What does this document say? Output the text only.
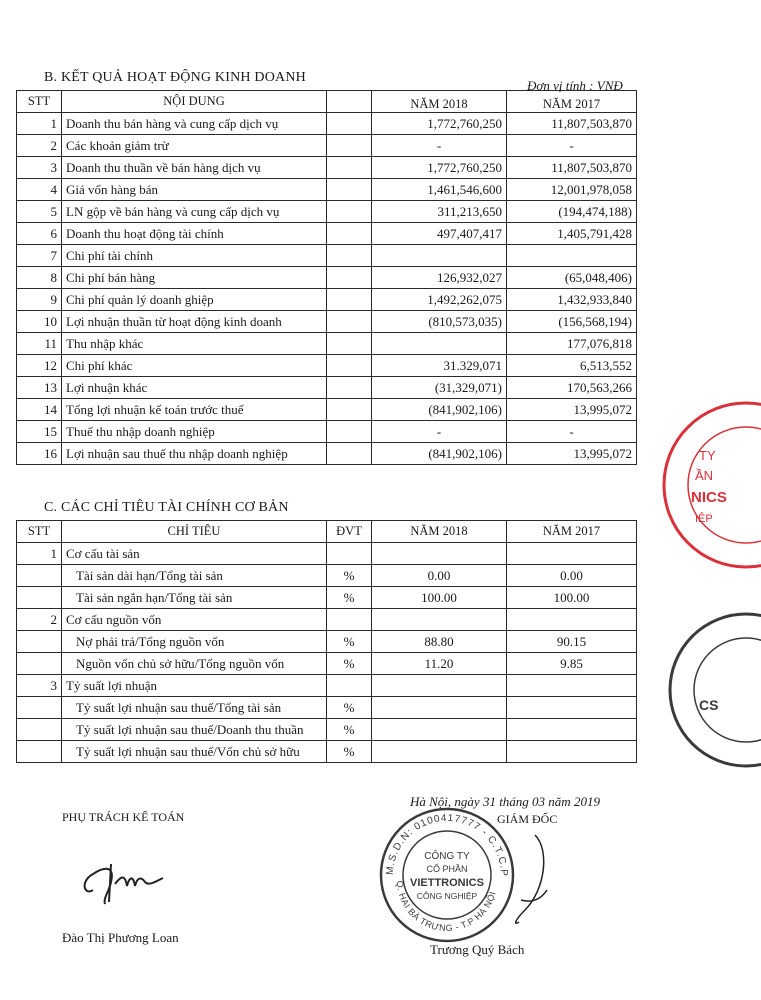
B. KẾT QUẢ HOẠT ĐỘNG KINH DOANH
Đơn vị tính : VNĐ
STT	NỘI DUNG		NĂM 2018	NĂM 2017
1	Doanh thu bán hàng và cung cấp dịch vụ		1,772,760,250	11,807,503,870
2	Các khoản giảm trừ		-	-
3	Doanh thu thuần về bán hàng dịch vụ		1,772,760,250	11,807,503,870
4	Giá vốn hàng bán		1,461,546,600	12,001,978,058
5	LN gộp về bán hàng và cung cấp dịch vụ		311,213,650	(194,474,188)
6	Doanh thu hoạt động tài chính		497,407,417	1,405,791,428
7	Chi phí tài chính			
8	Chi phí bán hàng		126,932,027	(65,048,406)
9	Chi phí quản lý doanh ghiệp		1,492,262,075	1,432,933,840
10	Lợi nhuận thuần từ hoạt động kinh doanh		(810,573,035)	(156,568,194)
11	Thu nhập khác			177,076,818
12	Chi phí khác		31.329,071	6,513,552
13	Lợi nhuận khác		(31,329,071)	170,563,266
14	Tổng lợi nhuận kế toán trước thuế		(841,902,106)	13,995,072
15	Thuế thu nhập doanh nghiệp		-	-
16	Lợi nhuận sau thuế thu nhập doanh nghiệp		(841,902,106)	13,995,072
C. CÁC CHỈ TIÊU TÀI CHÍNH CƠ BẢN
STT	CHỈ TIÊU	ĐVT	NĂM 2018	NĂM 2017
1	Cơ cấu tài sản			
	Tài sản dài hạn/Tổng tài sản	%	0.00	0.00
	Tài sản ngắn hạn/Tổng tài sản	%	100.00	100.00
2	Cơ cấu nguồn vốn			
	Nợ phải trả/Tổng nguồn vốn	%	88.80	90.15
	Nguồn vốn chủ sở hữu/Tổng nguồn vốn	%	11.20	9.85
3	Tỷ suất lợi nhuận			
	Tỷ suất lợi nhuận sau thuế/Tổng tài sản	%		
	Tỷ suất lợi nhuận sau thuế/Doanh thu thuần	%		
	Tỷ suất lợi nhuận sau thuế/Vốn chủ sở hữu	%		
PHỤ TRÁCH KẾ TOÁN
Đào Thị Phương Loan
Hà Nội, ngày 31 tháng 03 năm 2019
GIÁM ĐỐC
M.S.D.N: 0100417777 - C.T.C.P
Q. HAI BÀ TRƯNG - T.P HÀ NỘI
CÔNG TY
CỔ PHẦN
VIETTRONICS
CÔNG NGHIỆP
Trương Quý Bách
TY
ẦN
NICS
IỆP
CS
